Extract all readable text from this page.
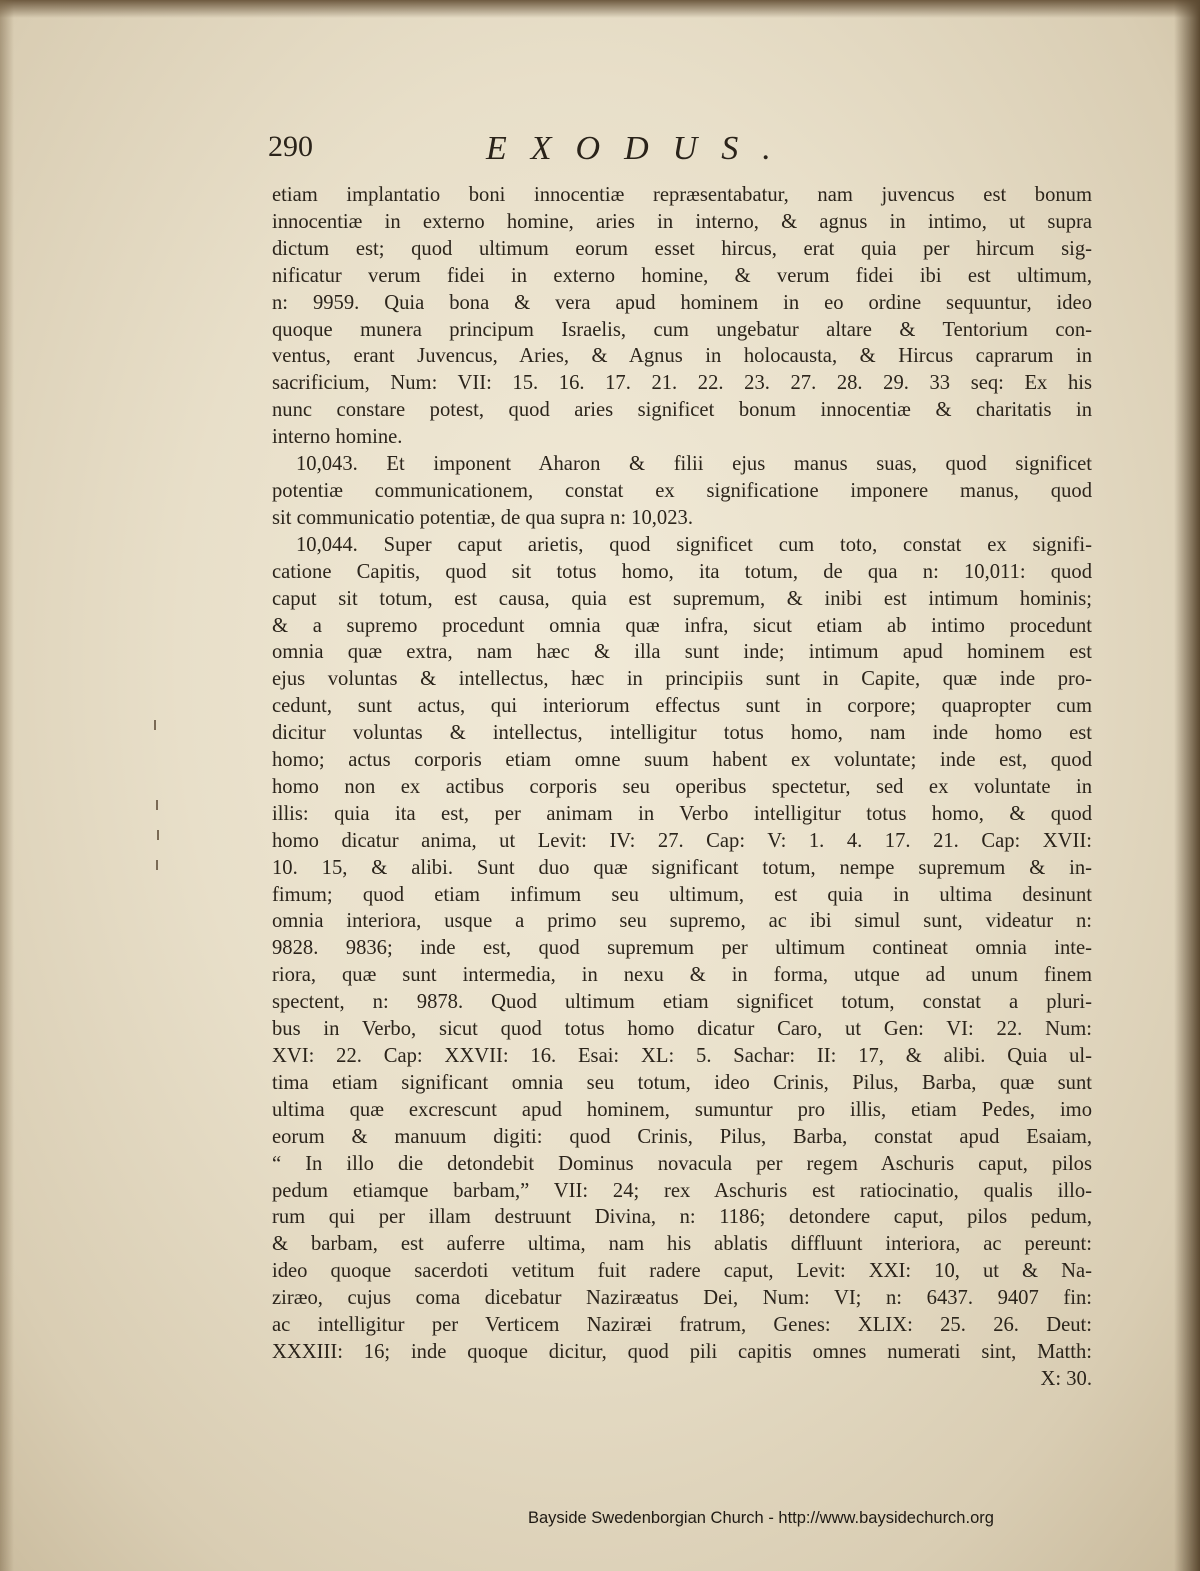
290	EXODUS.
etiam implantatio boni innocentiæ repræsentabatur, nam juvencus est bonum
innocentiæ in externo homine, aries in interno, & agnus in intimo, ut supra
dictum est; quod ultimum eorum esset hircus, erat quia per hircum sig-
nificatur verum fidei in externo homine, & verum fidei ibi est ultimum,
n: 9959. Quia bona & vera apud hominem in eo ordine sequuntur, ideo
quoque munera principum Israelis, cum ungebatur altare & Tentorium con-
ventus, erant Juvencus, Aries, & Agnus in holocausta, & Hircus caprarum in
sacrificium, Num: VII: 15. 16. 17. 21. 22. 23. 27. 28. 29. 33 seq: Ex his
nunc constare potest, quod aries significet bonum innocentiæ & charitatis in
interno homine.
10,043. Et imponent Aharon & filii ejus manus suas, quod significet
potentiæ communicationem, constat ex significatione imponere manus, quod
sit communicatio potentiæ, de qua supra n: 10,023.
10,044. Super caput arietis, quod significet cum toto, constat ex signifi-
catione Capitis, quod sit totus homo, ita totum, de qua n: 10,011: quod
caput sit totum, est causa, quia est supremum, & inibi est intimum hominis;
& a supremo procedunt omnia quæ infra, sicut etiam ab intimo procedunt
omnia quæ extra, nam hæc & illa sunt inde; intimum apud hominem est
ejus voluntas & intellectus, hæc in principiis sunt in Capite, quæ inde pro-
cedunt, sunt actus, qui interiorum effectus sunt in corpore; quapropter cum
dicitur voluntas & intellectus, intelligitur totus homo, nam inde homo est
homo; actus corporis etiam omne suum habent ex voluntate; inde est, quod
homo non ex actibus corporis seu operibus spectetur, sed ex voluntate in
illis: quia ita est, per animam in Verbo intelligitur totus homo, & quod
homo dicatur anima, ut Levit: IV: 27. Cap: V: 1. 4. 17. 21. Cap: XVII:
10. 15, & alibi. Sunt duo quæ significant totum, nempe supremum & in-
fimum; quod etiam infimum seu ultimum, est quia in ultima desinunt
omnia interiora, usque a primo seu supremo, ac ibi simul sunt, videatur n:
9828. 9836; inde est, quod supremum per ultimum contineat omnia inte-
riora, quæ sunt intermedia, in nexu & in forma, utque ad unum finem
spectent, n: 9878. Quod ultimum etiam significet totum, constat a pluri-
bus in Verbo, sicut quod totus homo dicatur Caro, ut Gen: VI: 22. Num:
XVI: 22. Cap: XXVII: 16. Esai: XL: 5. Sachar: II: 17, & alibi. Quia ul-
tima etiam significant omnia seu totum, ideo Crinis, Pilus, Barba, quæ sunt
ultima quæ excrescunt apud hominem, sumuntur pro illis, etiam Pedes, imo
eorum & manuum digiti: quod Crinis, Pilus, Barba, constat apud Esaiam,
“ In illo die detondebit Dominus novacula per regem Aschuris caput, pilos
pedum etiamque barbam,” VII: 24; rex Aschuris est ratiocinatio, qualis illo-
rum qui per illam destruunt Divina, n: 1186; detondere caput, pilos pedum,
& barbam, est auferre ultima, nam his ablatis diffluunt interiora, ac pereunt:
ideo quoque sacerdoti vetitum fuit radere caput, Levit: XXI: 10, ut & Na-
ziræo, cujus coma dicebatur Naziræatus Dei, Num: VI; n: 6437. 9407 fin:
ac intelligitur per Verticem Naziræi fratrum, Genes: XLIX: 25. 26. Deut:
XXXIII: 16; inde quoque dicitur, quod pili capitis omnes numerati sint, Matth:
X: 30.
Bayside Swedenborgian Church - http://www.baysidechurch.org
